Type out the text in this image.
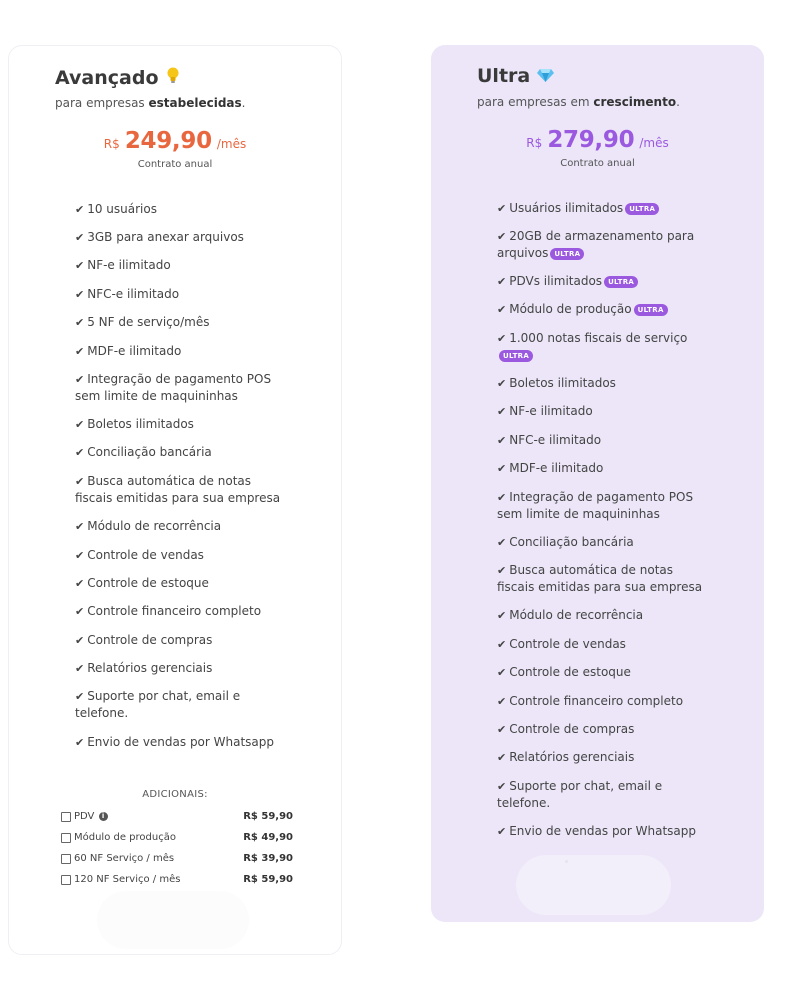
Avançado
para empresas estabelecidas.
R$ 249,90 /mês
Contrato anual
✔ 10 usuários
✔ 3GB para anexar arquivos
✔ NF-e ilimitado
✔ NFC-e ilimitado
✔ 5 NF de serviço/mês
✔ MDF-e ilimitado
✔ Integração de pagamento POS sem limite de maquininhas
✔ Boletos ilimitados
✔ Conciliação bancária
✔ Busca automática de notas fiscais emitidas para sua empresa
✔ Módulo de recorrência
✔ Controle de vendas
✔ Controle de estoque
✔ Controle financeiro completo
✔ Controle de compras
✔ Relatórios gerenciais
✔ Suporte por chat, email e telefone.
✔ Envio de vendas por Whatsapp
ADICIONAIS:
PDV i	R$ 59,90
Módulo de produção	R$ 49,90
60 NF Serviço / mês	R$ 39,90
120 NF Serviço / mês	R$ 59,90
Ultra
para empresas em crescimento.
R$ 279,90 /mês
Contrato anual
✔ Usuários ilimitados ULTRA
✔ 20GB de armazenamento para arquivos ULTRA
✔ PDVs ilimitados ULTRA
✔ Módulo de produção ULTRA
✔ 1.000 notas fiscais de serviçoULTRA
✔ Boletos ilimitados
✔ NF-e ilimitado
✔ NFC-e ilimitado
✔ MDF-e ilimitado
✔ Integração de pagamento POS sem limite de maquininhas
✔ Conciliação bancária
✔ Busca automática de notas fiscais emitidas para sua empresa
✔ Módulo de recorrência
✔ Controle de vendas
✔ Controle de estoque
✔ Controle financeiro completo
✔ Controle de compras
✔ Relatórios gerenciais
✔ Suporte por chat, email e telefone.
✔ Envio de vendas por Whatsapp
